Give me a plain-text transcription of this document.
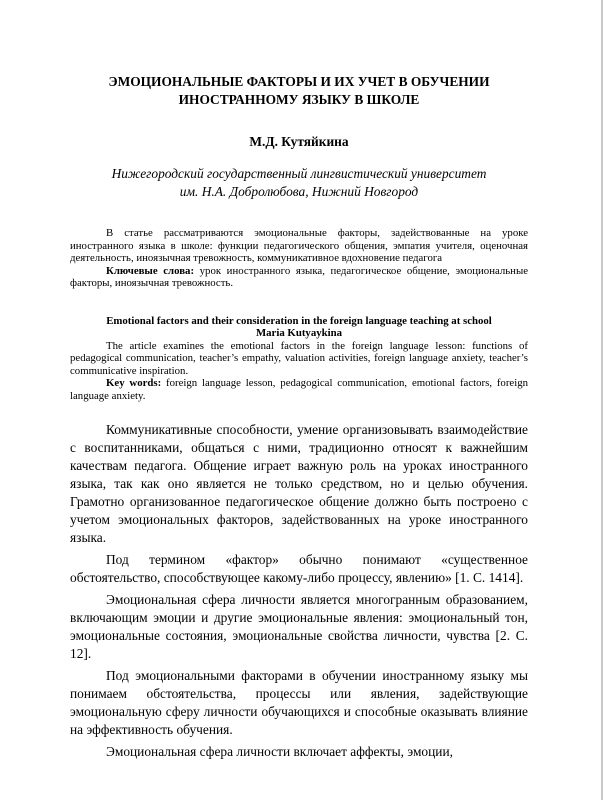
ЭМОЦИОНАЛЬНЫЕ ФАКТОРЫ И ИХ УЧЕТ В ОБУЧЕНИИ
ИНОСТРАННОМУ ЯЗЫКУ В ШКОЛЕ
М.Д. Кутяйкина
Нижегородский государственный лингвистический университет
им. Н.А. Добролюбова, Нижний Новгород

В статье рассматриваются эмоциональные факторы, задействованные на уроке иностранного языка в школе: функции педагогического общения, эмпатия учителя, оценочная деятельность, иноязычная тревожность, коммуникативное вдохновение педагога

Ключевые слова: урок иностранного языка, педагогическое общение, эмоциональные факторы, иноязычная тревожность.

Emotional factors and their consideration in the foreign language teaching at school
Maria Kutyaykina

The article examines the emotional factors in the foreign language lesson: functions of pedagogical communication, teacher’s empathy, valuation activities, foreign language anxiety, teacher’s communicative inspiration.

Key words: foreign language lesson, pedagogical communication, emotional factors, foreign language anxiety.

Коммуникативные способности, умение организовывать взаимодействие с воспитанниками, общаться с ними, традиционно относят к важнейшим качествам педагога. Общение играет важную роль на уроках иностранного языка, так как оно является не только средством, но и целью обучения. Грамотно организованное педагогическое общение должно быть построено с учетом эмоциональных факторов, задействованных на уроке иностранного языка.

Под термином «фактор» обычно понимают «существенное обстоятельство, способствующее какому-либо процессу, явлению» [1. С. 1414].

Эмоциональная сфера личности является многогранным образованием, включающим эмоции и другие эмоциональные явления: эмоциональный тон, эмоциональные состояния, эмоциональные свойства личности, чувства [2. С. 12].

Под эмоциональными факторами в обучении иностранному языку мы понимаем обстоятельства, процессы или явления, задействующие эмоциональную сферу личности обучающихся и способные оказывать влияние на эффективность обучения.

Эмоциональная сфера личности включает аффекты, эмоции,
